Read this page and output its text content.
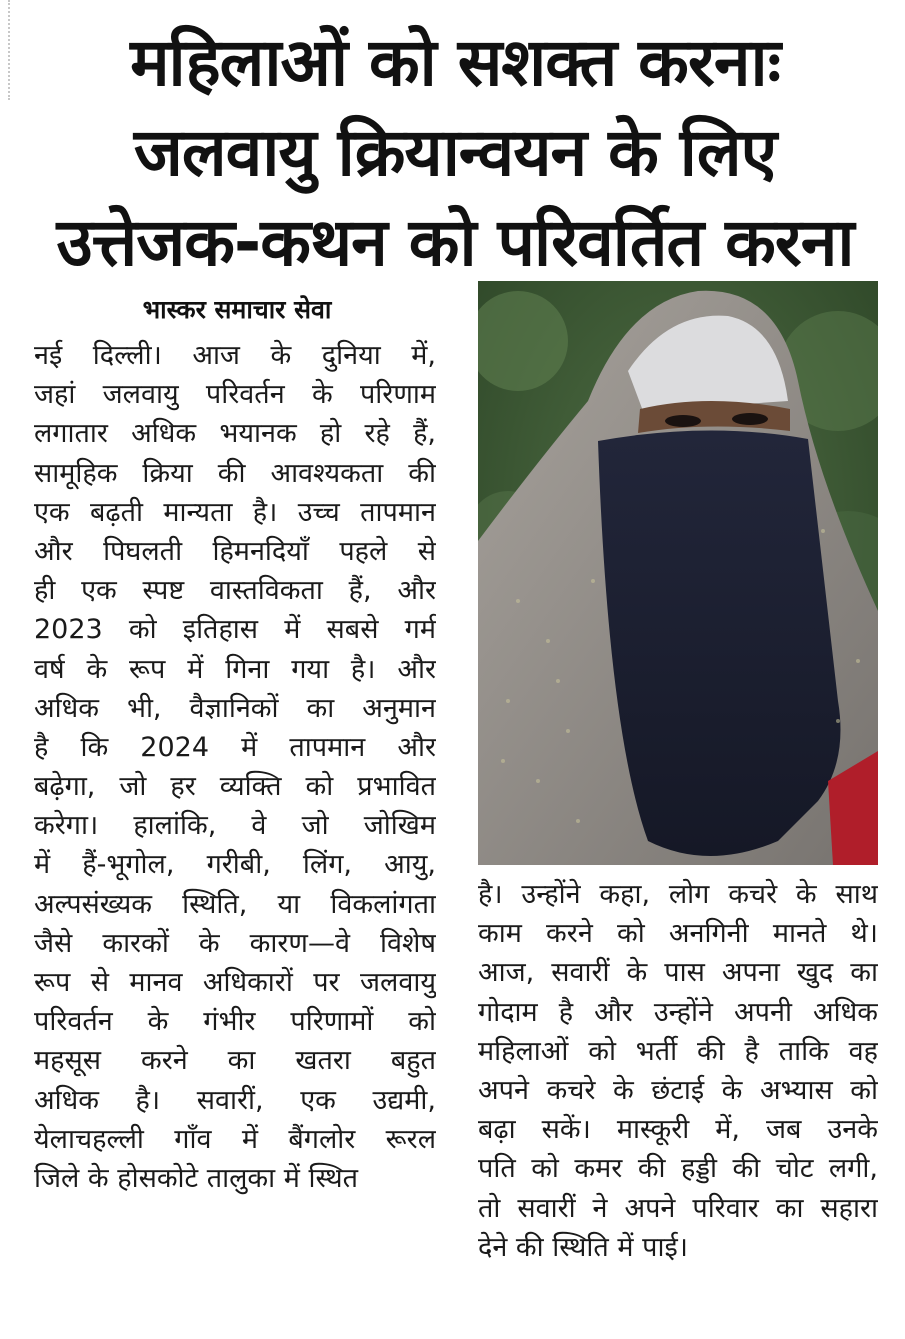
महिलाओं को सशक्त करनाः
जलवायु क्रियान्वयन के लिए
उत्तेजक-कथन को परिवर्तित करना
भास्कर समाचार सेवा
नई दिल्ली। आज के दुनिया में,
जहां जलवायु परिवर्तन के परिणाम
लगातार अधिक भयानक हो रहे हैं,
सामूहिक क्रिया की आवश्यकता की
एक बढ़ती मान्यता है। उच्च तापमान
और पिघलती हिमनदियाँ पहले से
ही एक स्पष्ट वास्तविकता हैं, और
2023 को इतिहास में सबसे गर्म
वर्ष के रूप में गिना गया है। और
अधिक भी, वैज्ञानिकों का अनुमान
है कि 2024 में तापमान और
बढ़ेगा, जो हर व्यक्ति को प्रभावित
करेगा। हालांकि, वे जो जोखिम
में हैं-भूगोल, गरीबी, लिंग, आयु,
अल्पसंख्यक स्थिति, या विकलांगता
जैसे कारकों के कारण—वे विशेष
रूप से मानव अधिकारों पर जलवायु
परिवर्तन के गंभीर परिणामों को
महसूस करने का खतरा बहुत
अधिक है। सवारीं, एक उद्यमी,
येलाचहल्ली गाँव में बैंगलोर रूरल
जिले के होसकोटे तालुका में स्थित
है। उन्होंने कहा, लोग कचरे के साथ
काम करने को अनगिनी मानते थे।
आज, सवारीं के पास अपना खुद का
गोदाम है और उन्होंने अपनी अधिक
महिलाओं को भर्ती की है ताकि वह
अपने कचरे के छंटाई के अभ्यास को
बढ़ा सकें। मास्कूरी में, जब उनके
पति को कमर की हड्डी की चोट लगी,
तो सवारीं ने अपने परिवार का सहारा
देने की स्थिति में पाई।
